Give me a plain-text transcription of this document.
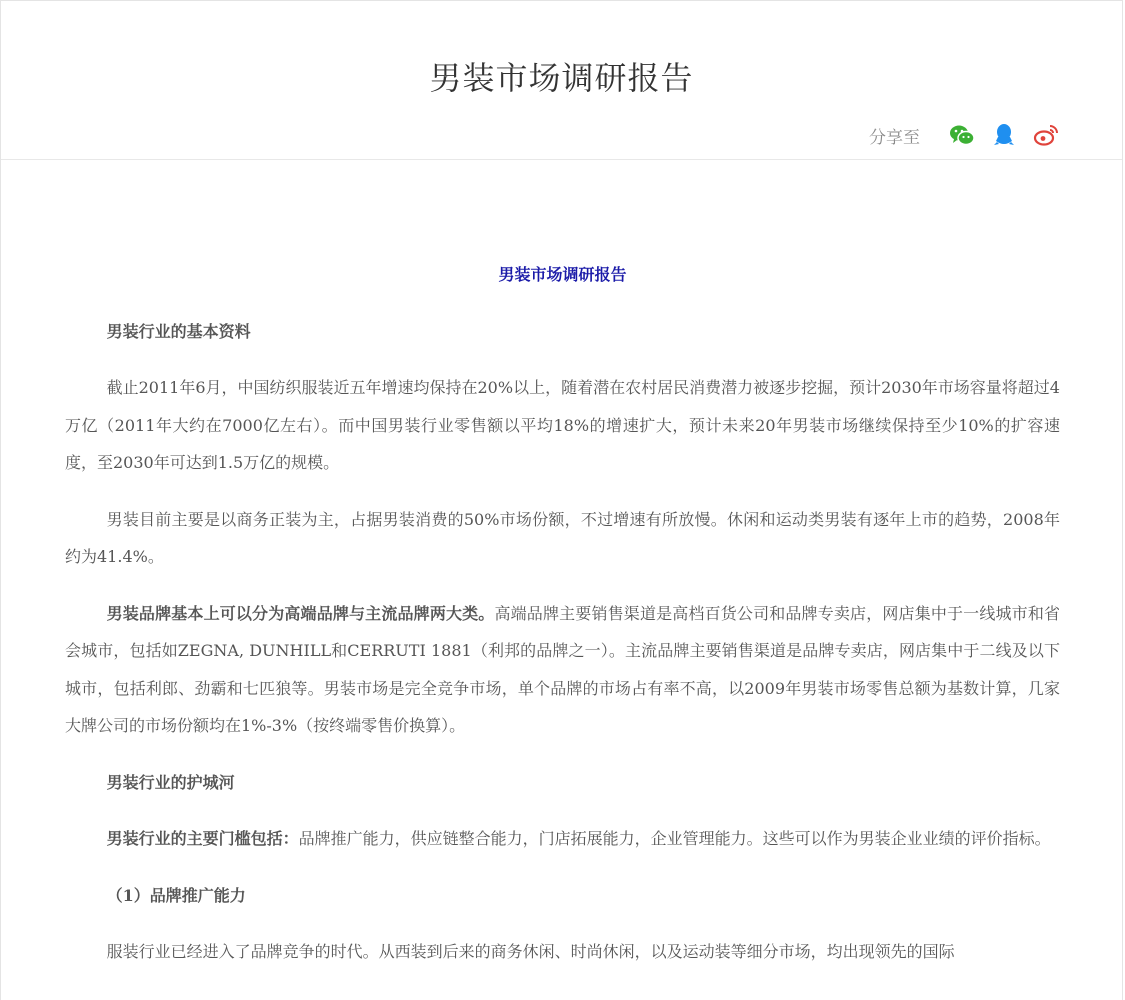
男装市场调研报告
分享至
男装市场调研报告

男装行业的基本资料

截止2011年6月，中国纺织服装近五年增速均保持在20%以上，随着潜在农村居民消费潜力被逐步挖掘，预计2030年市场容量将超过4万亿（2011年大约在7000亿左右）。而中国男装行业零售额以平均18%的增速扩大，预计未来20年男装市场继续保持至少10%的扩容速度，至2030年可达到1.5万亿的规模。

男装目前主要是以商务正装为主，占据男装消费的50%市场份额，不过增速有所放慢。休闲和运动类男装有逐年上市的趋势，2008年约为41.4%。

男装品牌基本上可以分为高端品牌与主流品牌两大类。高端品牌主要销售渠道是高档百货公司和品牌专卖店，网店集中于一线城市和省会城市，包括如ZEGNA, DUNHILL和CERRUTI 1881（利邦的品牌之一）。主流品牌主要销售渠道是品牌专卖店，网店集中于二线及以下城市，包括利郎、劲霸和七匹狼等。男装市场是完全竞争市场，单个品牌的市场占有率不高，以2009年男装市场零售总额为基数计算，几家大牌公司的市场份额均在1%-3%（按终端零售价换算）。

男装行业的护城河

男装行业的主要门槛包括：品牌推广能力，供应链整合能力，门店拓展能力，企业管理能力。这些可以作为男装企业业绩的评价指标。

（1）品牌推广能力

服装行业已经进入了品牌竞争的时代。从西装到后来的商务休闲、时尚休闲，以及运动装等细分市场，均出现领先的国际
